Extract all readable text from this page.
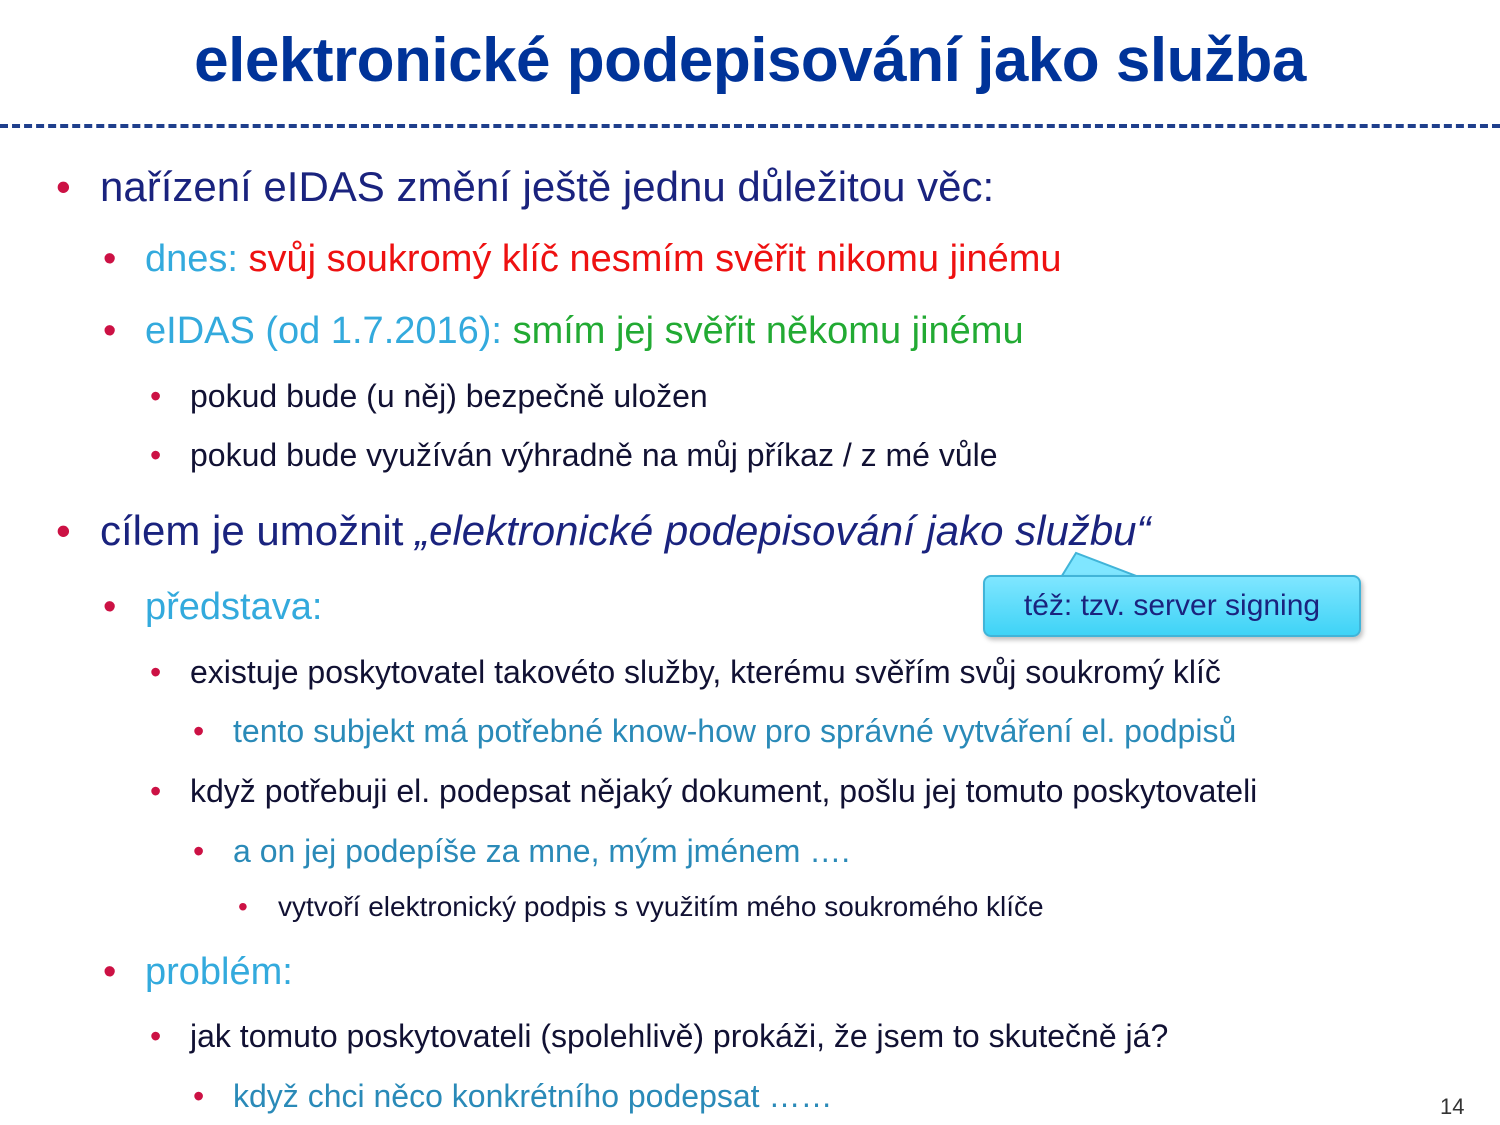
elektronické podepisování jako služba
• nařízení eIDAS změní ještě jednu důležitou věc:
• dnes: svůj soukromý klíč nesmím svěřit nikomu jinému
• eIDAS (od 1.7.2016): smím jej svěřit někomu jinému
• pokud bude (u něj) bezpečně uložen
• pokud bude využíván výhradně na můj příkaz / z mé vůle
• cílem je umožnit „elektronické podepisování jako službu“
též: tzv. server signing
• představa:
• existuje poskytovatel takovéto služby, kterému svěřím svůj soukromý klíč
• tento subjekt má potřebné know-how pro správné vytváření el. podpisů
• když potřebuji el. podepsat nějaký dokument, pošlu jej tomuto poskytovateli
• a on jej podepíše za mne, mým jménem ….
• vytvoří elektronický podpis s využitím mého soukromého klíče
• problém:
• jak tomuto poskytovateli (spolehlivě) prokáži, že jsem to skutečně já?
• když chci něco konkrétního podepsat ……	14
